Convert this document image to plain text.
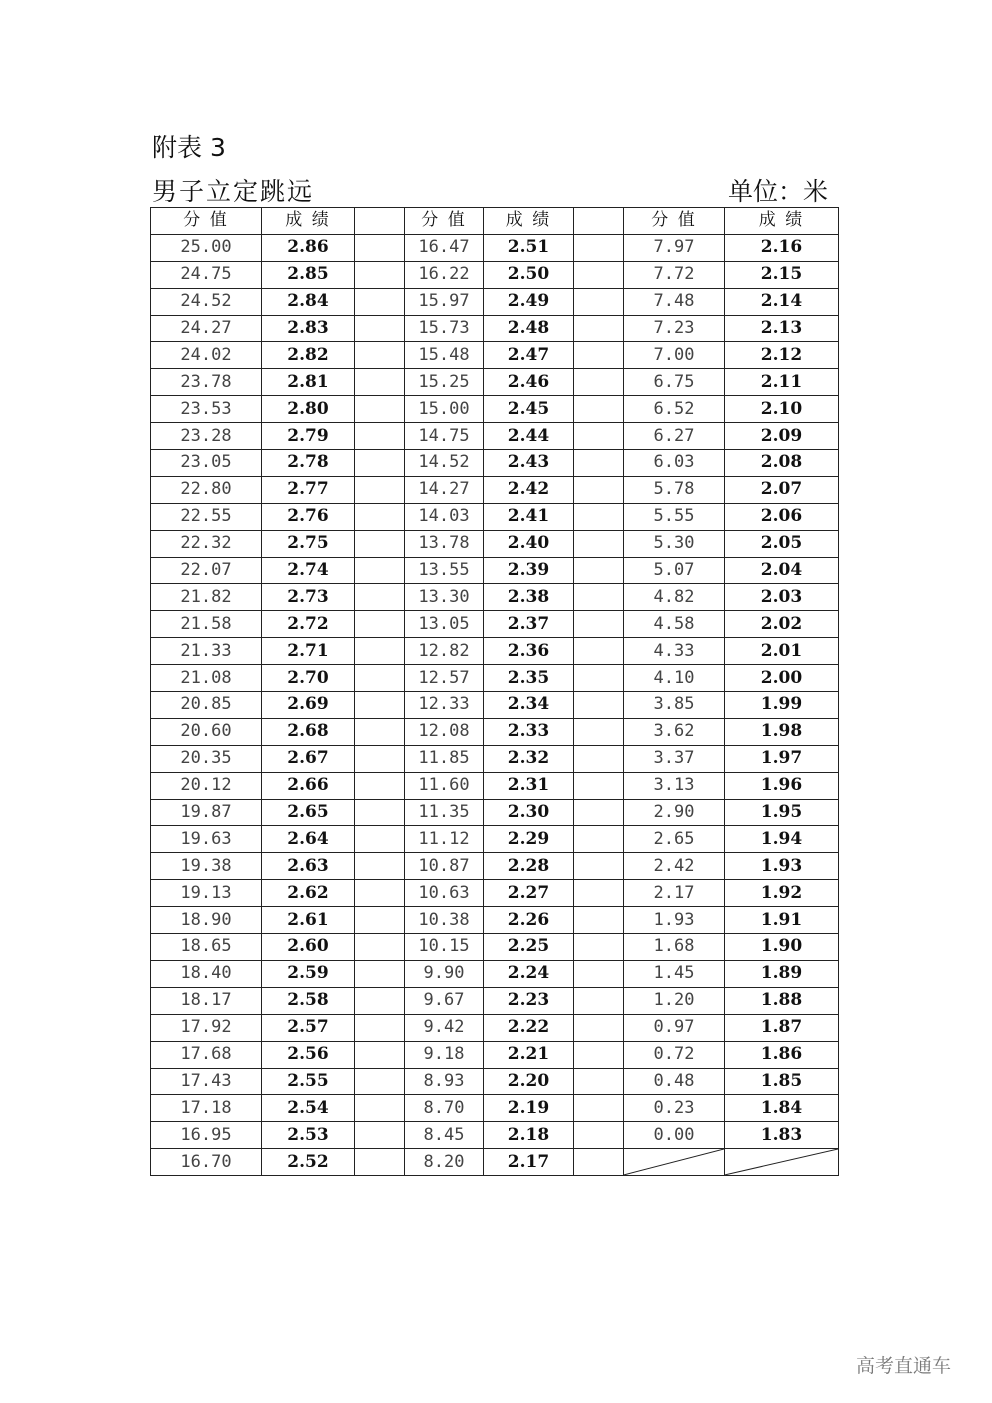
附表 3
男子立定跳远	单位：米
分 值	成 绩		分 值	成 绩		分 值	成 绩
25.00	2.86		16.47	2.51		7.97	2.16
24.75	2.85		16.22	2.50		7.72	2.15
24.52	2.84		15.97	2.49		7.48	2.14
24.27	2.83		15.73	2.48		7.23	2.13
24.02	2.82		15.48	2.47		7.00	2.12
23.78	2.81		15.25	2.46		6.75	2.11
23.53	2.80		15.00	2.45		6.52	2.10
23.28	2.79		14.75	2.44		6.27	2.09
23.05	2.78		14.52	2.43		6.03	2.08
22.80	2.77		14.27	2.42		5.78	2.07
22.55	2.76		14.03	2.41		5.55	2.06
22.32	2.75		13.78	2.40		5.30	2.05
22.07	2.74		13.55	2.39		5.07	2.04
21.82	2.73		13.30	2.38		4.82	2.03
21.58	2.72		13.05	2.37		4.58	2.02
21.33	2.71		12.82	2.36		4.33	2.01
21.08	2.70		12.57	2.35		4.10	2.00
20.85	2.69		12.33	2.34		3.85	1.99
20.60	2.68		12.08	2.33		3.62	1.98
20.35	2.67		11.85	2.32		3.37	1.97
20.12	2.66		11.60	2.31		3.13	1.96
19.87	2.65		11.35	2.30		2.90	1.95
19.63	2.64		11.12	2.29		2.65	1.94
19.38	2.63		10.87	2.28		2.42	1.93
19.13	2.62		10.63	2.27		2.17	1.92
18.90	2.61		10.38	2.26		1.93	1.91
18.65	2.60		10.15	2.25		1.68	1.90
18.40	2.59		9.90	2.24		1.45	1.89
18.17	2.58		9.67	2.23		1.20	1.88
17.92	2.57		9.42	2.22		0.97	1.87
17.68	2.56		9.18	2.21		0.72	1.86
17.43	2.55		8.93	2.20		0.48	1.85
17.18	2.54		8.70	2.19		0.23	1.84
16.95	2.53		8.45	2.18		0.00	1.83
16.70	2.52		8.20	2.17		

高考直通车
